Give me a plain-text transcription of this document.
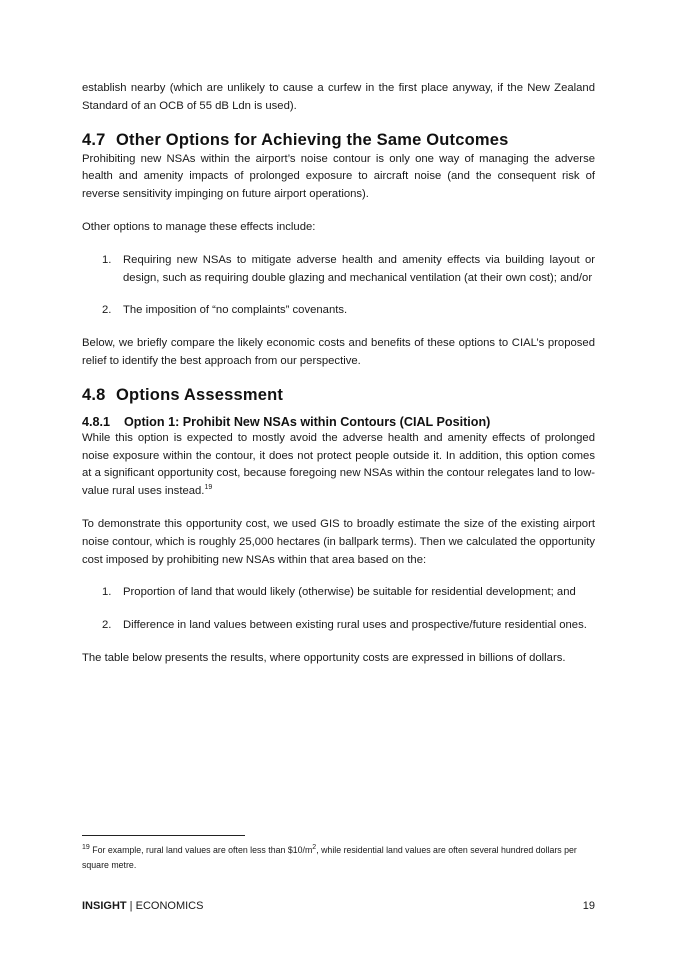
establish nearby (which are unlikely to cause a curfew in the first place anyway, if the New Zealand Standard of an OCB of 55 dB Ldn is used).

4.7 Other Options for Achieving the Same Outcomes

Prohibiting new NSAs within the airport’s noise contour is only one way of managing the adverse health and amenity impacts of prolonged exposure to aircraft noise (and the consequent risk of reverse sensitivity impinging on future airport operations).

Other options to manage these effects include:

1. Requiring new NSAs to mitigate adverse health and amenity effects via building layout or design, such as requiring double glazing and mechanical ventilation (at their own cost); and/or
2. The imposition of “no complaints” covenants.

Below, we briefly compare the likely economic costs and benefits of these options to CIAL’s proposed relief to identify the best approach from our perspective.

4.8 Options Assessment
4.8.1 Option 1: Prohibit New NSAs within Contours (CIAL Position)

While this option is expected to mostly avoid the adverse health and amenity effects of prolonged noise exposure within the contour, it does not protect people outside it. In addition, this option comes at a significant opportunity cost, because foregoing new NSAs within the contour relegates land to low-value rural uses instead.$^{19}$

To demonstrate this opportunity cost, we used GIS to broadly estimate the size of the existing airport noise contour, which is roughly 25,000 hectares (in ballpark terms). Then we calculated the opportunity cost imposed by prohibiting new NSAs within that area based on the:

1. Proportion of land that would likely (otherwise) be suitable for residential development; and
2. Difference in land values between existing rural uses and prospective/future residential ones.

The table below presents the results, where opportunity costs are expressed in billions of dollars.

$^{19}$ For example, rural land values are often less than $\$10/m^2$, while residential land values are often several hundred dollars per square metre.
INSIGHT | ECONOMICS	19
